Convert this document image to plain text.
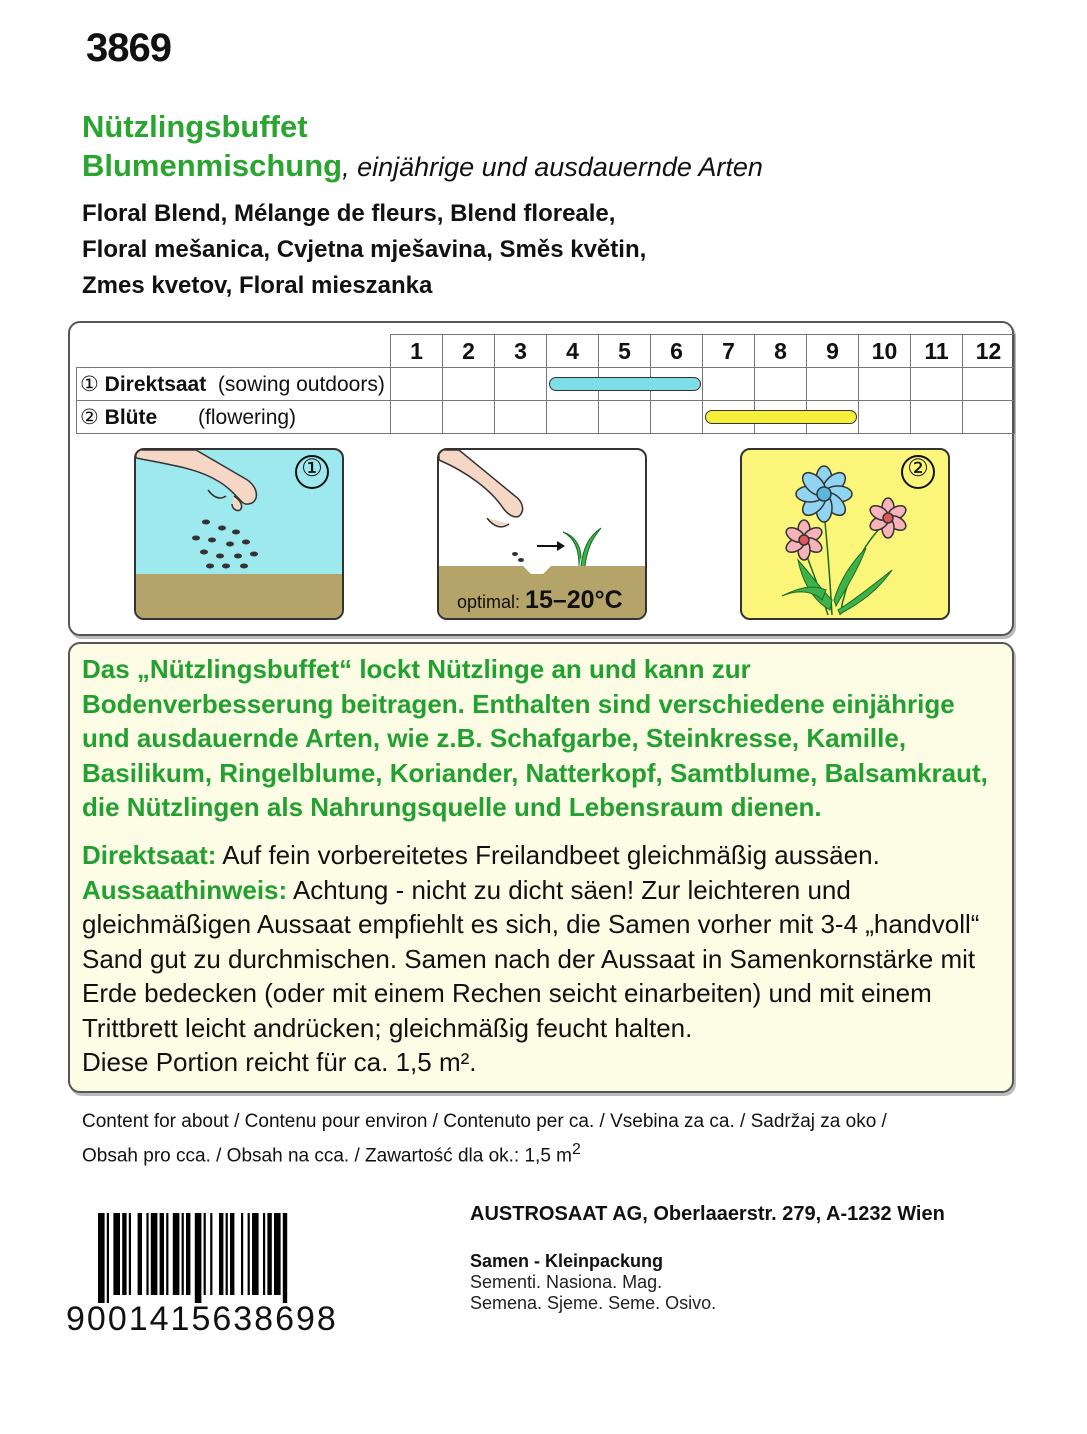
3869
Nützlingsbuffet
Blumenmischung, einjährige und ausdauernde Arten
Floral Blend, Mélange de fleurs, Blend floreale,
Floral mešanica, Cvjetna mješavina, Směs květin,
Zmes kvetov, Floral mieszanka
	1	2	3	4	5	6	7	8	9	10	11	12
① Direktsaat (sowing outdoors)												
② Blüte (flowering)												
①
optimal: 15–20°C
②
Das „Nützlingsbuffet“ lockt Nützlinge an und kann zur Bodenverbesserung beitragen. Enthalten sind verschiedene einjährige und ausdauernde Arten, wie z.B. Schafgarbe, Steinkresse, Kamille, Basilikum, Ringelblume, Koriander, Natterkopf, Samtblume, Balsamkraut, die Nützlingen als Nahrungsquelle und Lebensraum dienen.
Direktsaat: Auf fein vorbereitetes Freilandbeet gleichmäßig aussäen.
Aussaathinweis: Achtung - nicht zu dicht säen! Zur leichteren und gleichmäßigen Aussaat empfiehlt es sich, die Samen vorher mit 3-4 „handvoll“ Sand gut zu durchmischen. Samen nach der Aussaat in Samenkornstärke mit Erde bedecken (oder mit einem Rechen seicht einarbeiten) und mit einem Trittbrett leicht andrücken; gleichmäßig feucht halten.
Diese Portion reicht für ca. 1,5 m².
Content for about / Contenu pour environ / Contenuto per ca. / Vsebina za ca. / Sadržaj za oko /
Obsah pro cca. / Obsah na cca. / Zawartość dla ok.: 1,5 $m^2$
9001415638698
AUSTROSAAT AG, Oberlaaerstr. 279, A-1232 Wien
Samen - Kleinpackung
Sementi. Nasiona. Mag.
Semena. Sjeme. Seme. Osivo.
